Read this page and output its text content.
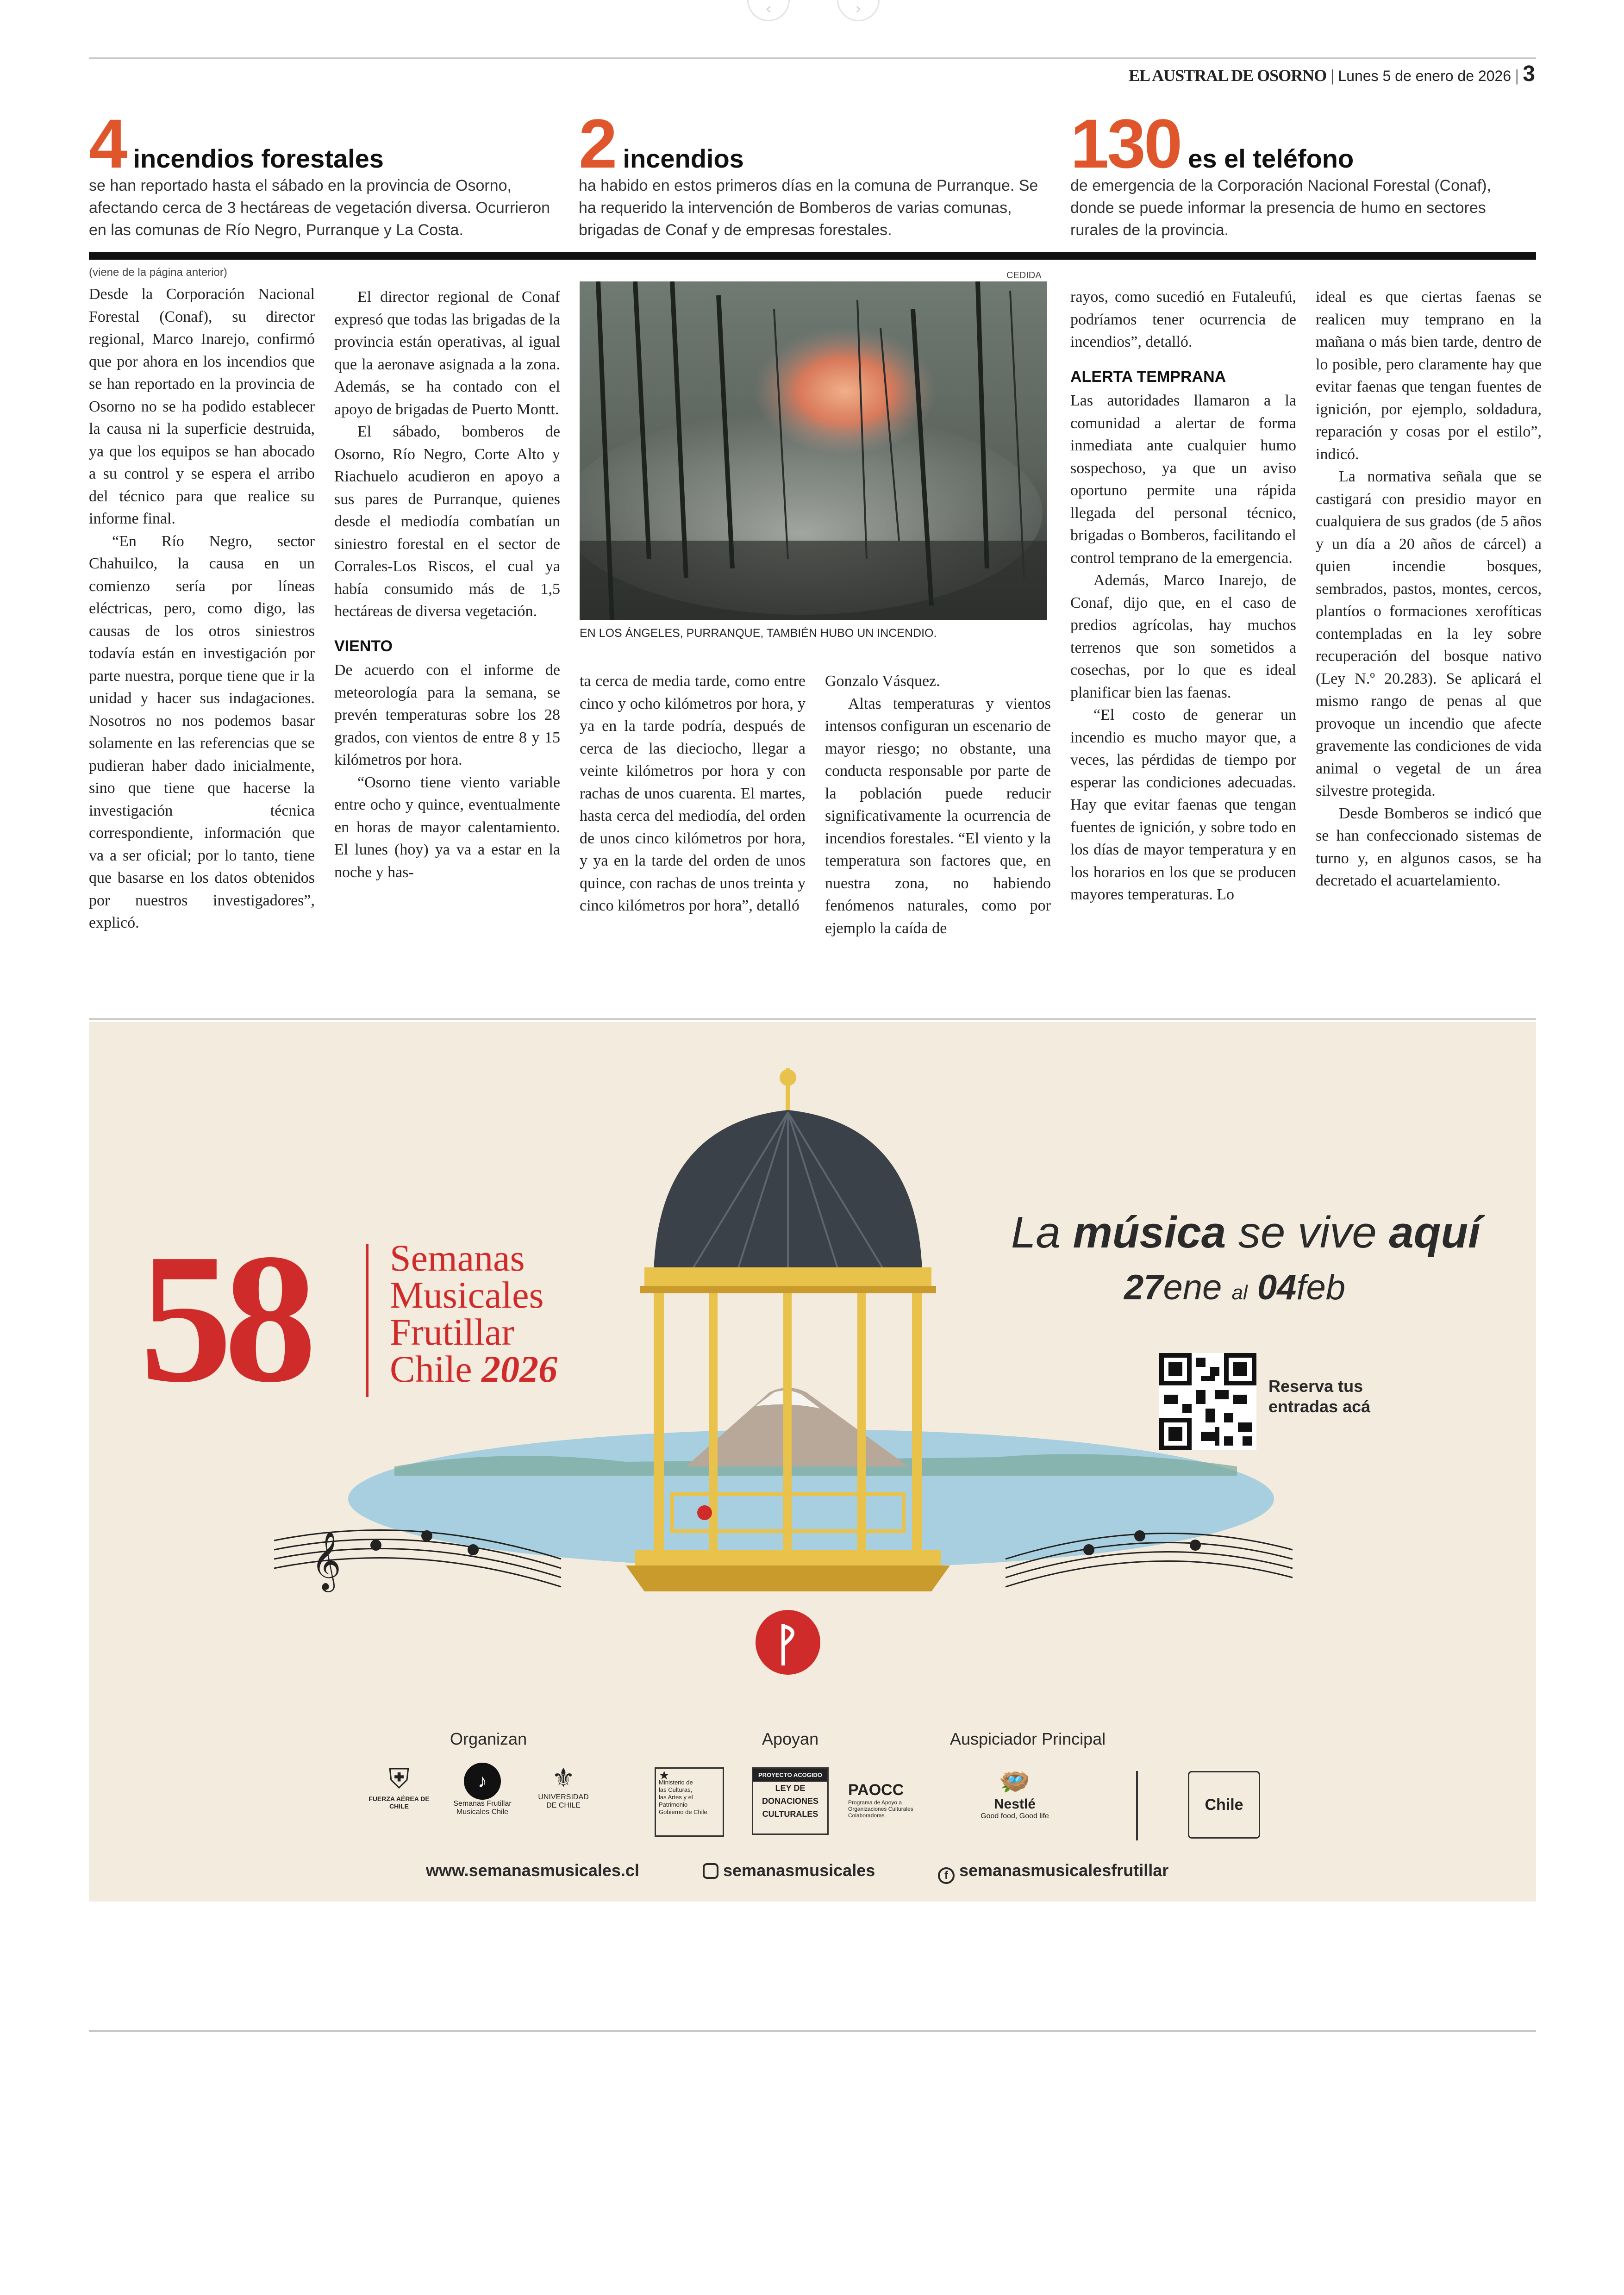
‹	›
EL AUSTRAL DE OSORNO | Lunes 5 de enero de 2026 | 3
4 incendios forestales
se han reportado hasta el sábado en la provincia de Osorno, afectando cerca de 3 hectáreas de vegetación diversa. Ocurrieron en las comunas de Río Negro, Purranque y La Costa.
2 incendios
ha habido en estos primeros días en la comuna de Purranque. Se ha requerido la intervención de Bomberos de varias comunas, brigadas de Conaf y de empresas forestales.
130 es el teléfono
de emergencia de la Corporación Nacional Forestal (Conaf), donde se puede informar la presencia de humo en sectores rurales de la provincia.
(viene de la página anterior)

Desde la Corporación Nacional Forestal (Conaf), su director regional, Marco Inarejo, confirmó que por ahora en los incendios que se han reportado en la provincia de Osorno no se ha podido establecer la causa ni la superficie destruida, ya que los equipos se han abocado a su control y se espera el arribo del técnico para que realice su informe final.

“En Río Negro, sector Chahuilco, la causa en un comienzo sería por líneas eléctricas, pero, como digo, las causas de los otros siniestros todavía están en investigación por parte nuestra, porque tiene que ir la unidad y hacer sus indagaciones. Nosotros no nos podemos basar solamente en las referencias que se pudieran haber dado inicialmente, sino que tiene que hacerse la investigación técnica correspondiente, información que va a ser oficial; por lo tanto, tiene que basarse en los datos obtenidos por nuestros investigadores”, explicó.

El director regional de Conaf expresó que todas las brigadas de la provincia están operativas, al igual que la aeronave asignada a la zona. Además, se ha contado con el apoyo de brigadas de Puerto Montt.

El sábado, bomberos de Osorno, Río Negro, Corte Alto y Riachuelo acudieron en apoyo a sus pares de Purranque, quienes desde el mediodía combatían un siniestro forestal en el sector de Corrales-Los Riscos, el cual ya había consumido más de 1,5 hectáreas de diversa vegetación.

VIENTO

De acuerdo con el informe de meteorología para la semana, se prevén temperaturas sobre los 28 grados, con vientos de entre 8 y 15 kilómetros por hora.

“Osorno tiene viento variable entre ocho y quince, eventualmente en horas de mayor calentamiento. El lunes (hoy) ya va a estar en la noche y has-

CEDIDA
EN LOS ÁNGELES, PURRANQUE, TAMBIÉN HUBO UN INCENDIO.

ta cerca de media tarde, como entre cinco y ocho kilómetros por hora, y ya en la tarde podría, después de cerca de las dieciocho, llegar a veinte kilómetros por hora y con rachas de unos cuarenta. El martes, hasta cerca del mediodía, del orden de unos cinco kilómetros por hora, y ya en la tarde del orden de unos quince, con rachas de unos treinta y cinco kilómetros por hora”, detalló

Gonzalo Vásquez.

Altas temperaturas y vientos intensos configuran un escenario de mayor riesgo; no obstante, una conducta responsable por parte de la población puede reducir significativamente la ocurrencia de incendios forestales. “El viento y la temperatura son factores que, en nuestra zona, no habiendo fenómenos naturales, como por ejemplo la caída de

rayos, como sucedió en Futaleufú, podríamos tener ocurrencia de incendios”, detalló.

ALERTA TEMPRANA

Las autoridades llamaron a la comunidad a alertar de forma inmediata ante cualquier humo sospechoso, ya que un aviso oportuno permite una rápida llegada del personal técnico, brigadas o Bomberos, facilitando el control temprano de la emergencia.

Además, Marco Inarejo, de Conaf, dijo que, en el caso de predios agrícolas, hay muchos terrenos que son sometidos a cosechas, por lo que es ideal planificar bien las faenas.

“El costo de generar un incendio es mucho mayor que, a veces, las pérdidas de tiempo por esperar las condiciones adecuadas. Hay que evitar faenas que tengan fuentes de ignición, y sobre todo en los días de mayor temperatura y en los horarios en los que se producen mayores temperaturas. Lo

ideal es que ciertas faenas se realicen muy temprano en la mañana o más bien tarde, dentro de lo posible, pero claramente hay que evitar faenas que tengan fuentes de ignición, por ejemplo, soldadura, reparación y cosas por el estilo”, indicó.

La normativa señala que se castigará con presidio mayor en cualquiera de sus grados (de 5 años y un día a 20 años de cárcel) a quien incendie bosques, sembrados, pastos, montes, cercos, plantíos o formaciones xerofíticas contempladas en la ley sobre recuperación del bosque nativo (Ley N.º 20.283). Se aplicará el mismo rango de penas al que provoque un incendio que afecte gravemente las condiciones de vida animal o vegetal de un área silvestre protegida.

Desde Bomberos se indicó que se han confeccionado sistemas de turno y, en algunos casos, se ha decretado el acuartelamiento.

58 Semanas
Musicales
Frutillar
Chile 2026
𝄞
La música se vive aquí
27ene al 04feb
Reserva tus
entradas acá
Organizan	Apoyan	Auspiciador Principal
⛨
FUERZA AÉREA DE CHILE
♪
Semanas Frutillar
Musicales Chile
⚜
UNIVERSIDAD
DE CHILE
★
Ministerio de
las Culturas,
las Artes y el
Patrimonio
Gobierno de Chile
PROYECTO ACOGIDO
LEY DE
DONACIONES
CULTURALES
PAOCC
Programa de Apoyo a Organizaciones Culturales Colaboradoras
🪺
Nestlé
Good food, Good life
Chile
www.semanasmusicales.cl	semanasmusicales	f semanasmusicalesfrutillar
